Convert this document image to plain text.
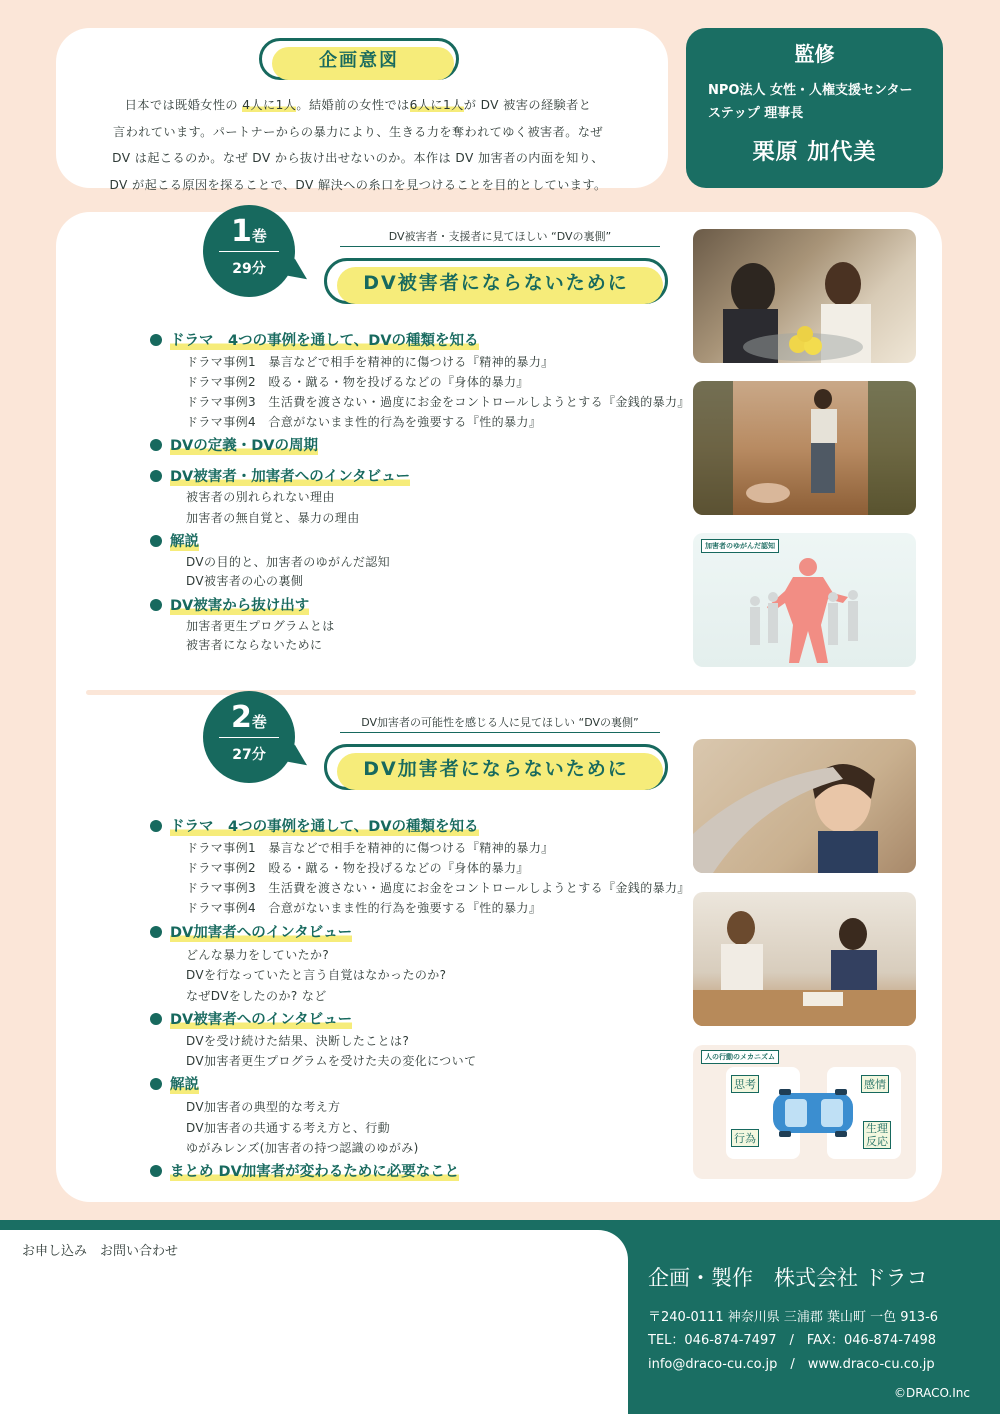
企画意図
日本では既婚女性の 4人に1人。結婚前の女性では6人に1人が DV 被害の経験者と
言われています。パートナーからの暴力により、生きる力を奪われてゆく被害者。なぜ
DV は起こるのか。なぜ DV から抜け出せないのか。本作は DV 加害者の内面を知り、
DV が起こる原因を探ることで、DV 解決への糸口を見つけることを目的としています。
監修
NPO法人 女性・人権支援センター
ステップ 理事長
栗原 加代美
1巻
29分
DV被害者・支援者に見てほしい “DVの裏側”
DV被害者にならないために
ドラマ　4つの事例を通して、DVの種類を知る
ドラマ事例1　暴言などで相手を精神的に傷つける『精神的暴力』
ドラマ事例2　殴る・蹴る・物を投げるなどの『身体的暴力』
ドラマ事例3　生活費を渡さない・過度にお金をコントロールしようとする『金銭的暴力』
ドラマ事例4　合意がないまま性的行為を強要する『性的暴力』
DVの定義・DVの周期
DV被害者・加害者へのインタビュー
被害者の別れられない理由
加害者の無自覚と、暴力の理由
解説
DVの目的と、加害者のゆがんだ認知
DV被害者の心の裏側
DV被害から抜け出す
加害者更生プログラムとは
被害者にならないために
加害者のゆがんだ認知
2巻
27分
DV加害者の可能性を感じる人に見てほしい “DVの裏側”
DV加害者にならないために
ドラマ　4つの事例を通して、DVの種類を知る
ドラマ事例1　暴言などで相手を精神的に傷つける『精神的暴力』
ドラマ事例2　殴る・蹴る・物を投げるなどの『身体的暴力』
ドラマ事例3　生活費を渡さない・過度にお金をコントロールしようとする『金銭的暴力』
ドラマ事例4　合意がないまま性的行為を強要する『性的暴力』
DV加害者へのインタビュー
どんな暴力をしていたか?
DVを行なっていたと言う自覚はなかったのか?
なぜDVをしたのか? など
DV被害者へのインタビュー
DVを受け続けた結果、決断したことは?
DV加害者更生プログラムを受けた夫の変化について
解説
DV加害者の典型的な考え方
DV加害者の共通する考え方と、行動
ゆがみレンズ(加害者の持つ認識のゆがみ)
まとめ DV加害者が変わるために必要なこと
人の行動のメカニズム
思考	感情
行為
生理反応
お申し込み　お問い合わせ
企画・製作　株式会社 ドラコ
〒240-0111 神奈川県 三浦郡 葉山町 一色 913-6
TEL：046-874-7497　/　FAX：046-874-7498
info@draco-cu.co.jp　/　www.draco-cu.co.jp
©DRACO.Inc
